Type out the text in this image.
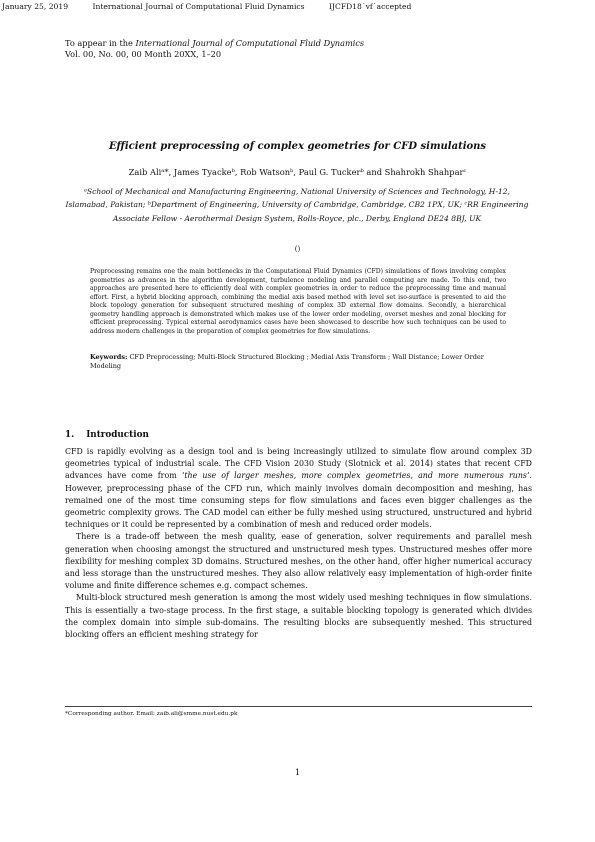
January 25, 2019	International Journal of Computational Fluid Dynamics	IJCFD18˙vf˙accepted
To appear in the International Journal of Computational Fluid Dynamics
Vol. 00, No. 00, 00 Month 20XX, 1–20
Efficient preprocessing of complex geometries for CFD simulations
Zaib Aliᵃ*, James Tyackeᵇ, Rob Watsonᵇ, Paul G. Tuckerᵇ and Shahrokh Shahparᶜ
ᵃSchool of Mechanical and Manufacturing Engineering, National University of Sciences and Technology, H-12, Islamabad, Pakistan; ᵇDepartment of Engineering, University of Cambridge, Cambridge, CB2 1PX, UK; ᶜRR Engineering Associate Fellow - Aerothermal Design System, Rolls-Royce, plc., Derby, England DE24 8BJ, UK
()
Preprocessing remains one the main bottlenecks in the Computational Fluid Dynamics (CFD) simulations of flows involving complex geometries as advances in the algorithm development, turbulence modeling and parallel computing are made. To this end, two approaches are presented here to efficiently deal with complex geometries in order to reduce the preprocessing time and manual effort. First, a hybrid blocking approach, combining the medial axis based method with level set iso-surface is presented to aid the block topology generation for subsequent structured meshing of complex 3D external flow domains. Secondly, a hierarchical geometry handling approach is demonstrated which makes use of the lower order modeling, overset meshes and zonal blocking for efficient preprocessing. Typical external aerodynamics cases have been showcased to describe how such techniques can be used to address modern challenges in the preparation of complex geometries for flow simulations.
Keywords: CFD Preprocessing; Multi-Block Structured Blocking ; Medial Axis Transform ; Wall Distance; Lower Order Modeling
1. Introduction

CFD is rapidly evolving as a design tool and is being increasingly utilized to simulate flow around complex 3D geometries typical of industrial scale. The CFD Vision 2030 Study (Slotnick et al. 2014) states that recent CFD advances have come from ‘the use of larger meshes, more complex geometries, and more numerous runs’. However, preprocessing phase of the CFD run, which mainly involves domain decomposition and meshing, has remained one of the most time consuming steps for flow simulations and faces even bigger challenges as the geometric complexity grows. The CAD model can either be fully meshed using structured, unstructured and hybrid techniques or it could be represented by a combination of mesh and reduced order models.

There is a trade-off between the mesh quality, ease of generation, solver requirements and parallel mesh generation when choosing amongst the structured and unstructured mesh types. Unstructured meshes offer more flexibility for meshing complex 3D domains. Structured meshes, on the other hand, offer higher numerical accuracy and less storage than the unstructured meshes. They also allow relatively easy implementation of high-order finite volume and finite difference schemes e.g. compact schemes.

Multi-block structured mesh generation is among the most widely used meshing techniques in flow simulations. This is essentially a two-stage process. In the first stage, a suitable blocking topology is generated which divides the complex domain into simple sub-domains. The resulting blocks are subsequently meshed. This structured blocking offers an efficient meshing strategy for

*Corresponding author. Email: zaib.ali@smme.nust.edu.pk
1
